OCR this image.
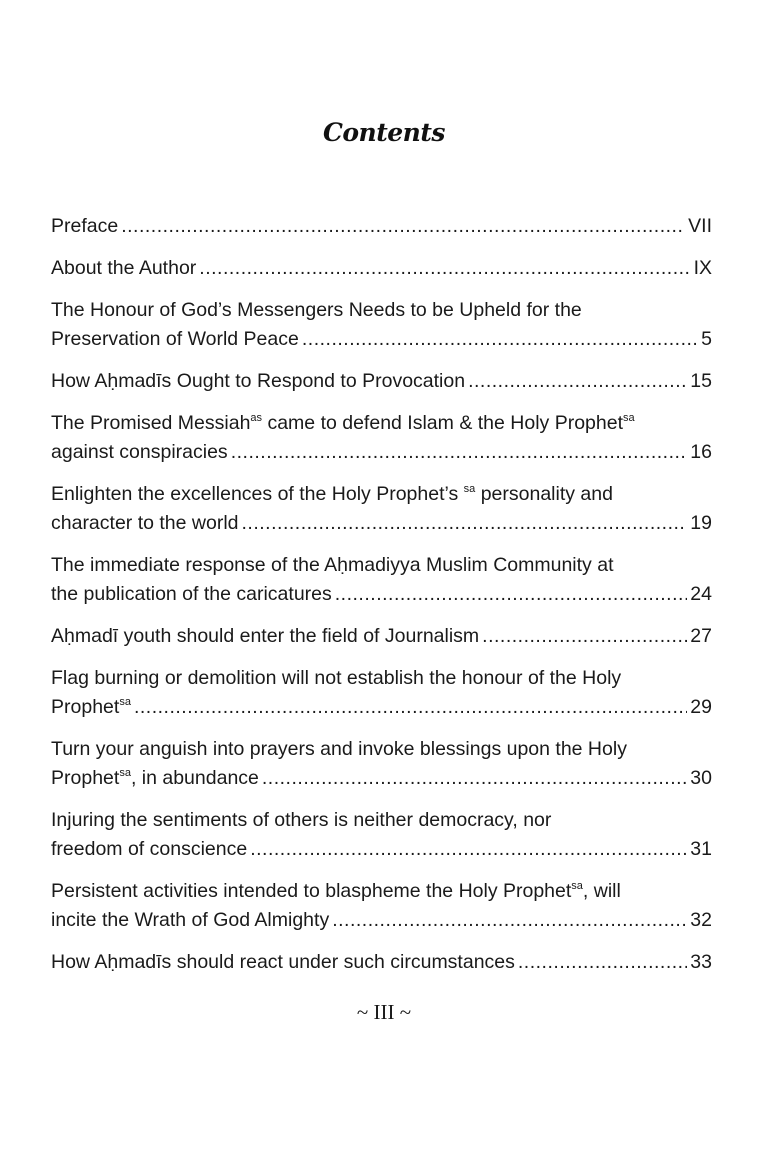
Contents
Preface .....	VII
About the Author .....	IX
The Honour of God’s Messengers Needs to be Upheld for the
Preservation of World Peace .....	5
How Aḥmadīs Ought to Respond to Provocation .....	15
The Promised Messiah$^{as}$ came to defend Islam & the Holy Prophet$^{sa}$
against conspiracies .....	16
Enlighten the excellences of the Holy Prophet’s $^{sa}$ personality and
character to the world .....	19
The immediate response of the Aḥmadiyya Muslim Community at
the publication of the caricatures .....	24
Aḥmadī youth should enter the field of Journalism .....	27
Flag burning or demolition will not establish the honour of the Holy
Prophet$^{sa}$ .....	29
Turn your anguish into prayers and invoke blessings upon the Holy
Prophet$^{sa}$, in abundance .....	30
Injuring the sentiments of others is neither democracy, nor
freedom of conscience .....	31
Persistent activities intended to blaspheme the Holy Prophet$^{sa}$, will
incite the Wrath of God Almighty .....	32
How Aḥmadīs should react under such circumstances .....	33
~ III ~
